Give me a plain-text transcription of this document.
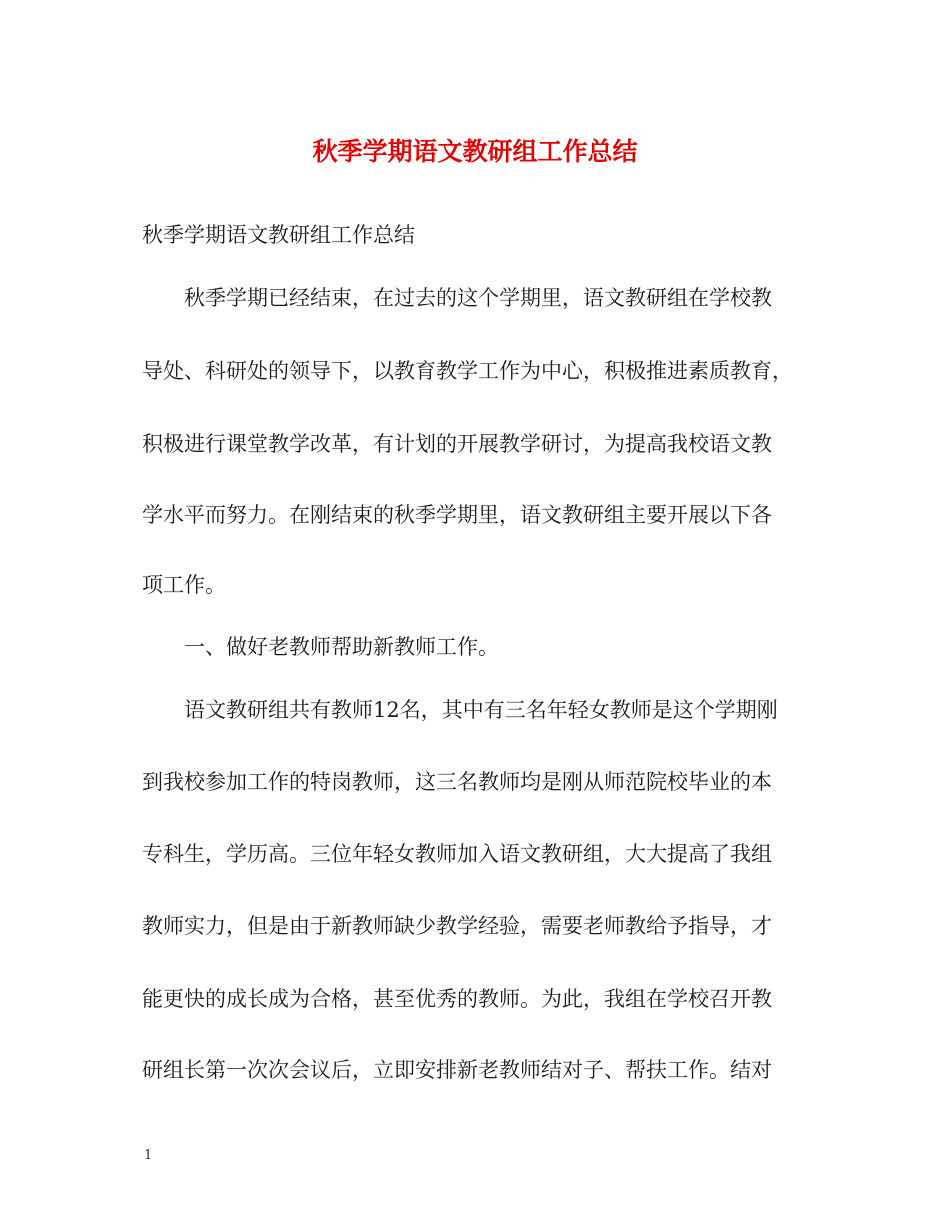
秋季学期语文教研组工作总结
秋季学期语文教研组工作总结
秋季学期已经结束，在过去的这个学期里，语文教研组在学校教
导处、科研处的领导下，以教育教学工作为中心，积极推进素质教育，
积极进行课堂教学改革，有计划的开展教学研讨，为提高我校语文教
学水平而努力。在刚结束的秋季学期里，语文教研组主要开展以下各
项工作。
一、做好老教师帮助新教师工作。
语文教研组共有教师12名，其中有三名年轻女教师是这个学期刚
到我校参加工作的特岗教师，这三名教师均是刚从师范院校毕业的本
专科生，学历高。三位年轻女教师加入语文教研组，大大提高了我组
教师实力，但是由于新教师缺少教学经验，需要老师教给予指导，才
能更快的成长成为合格，甚至优秀的教师。为此，我组在学校召开教
研组长第一次次会议后，立即安排新老教师结对子、帮扶工作。结对
1
